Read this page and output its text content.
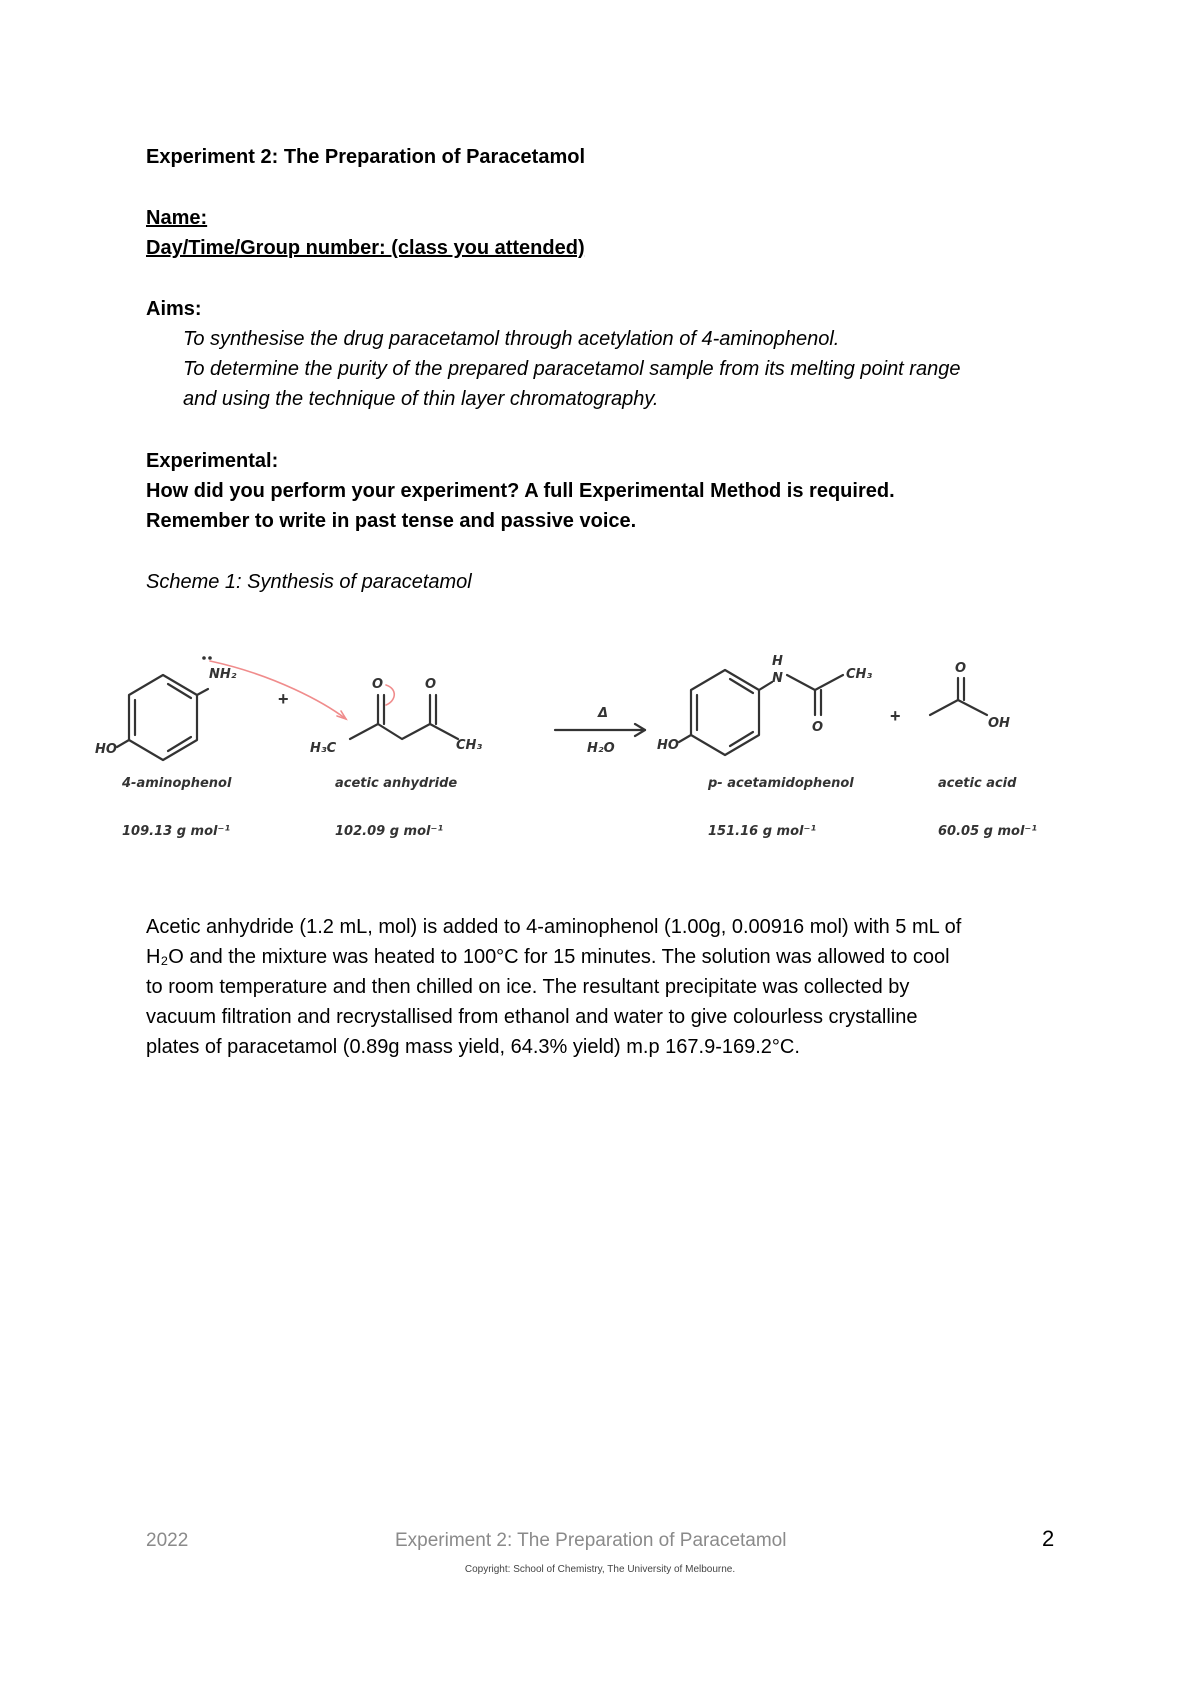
Experiment 2: The Preparation of Paracetamol
Name:
Day/Time/Group number: (class you attended)
Aims:
To synthesise the drug paracetamol through acetylation of 4-aminophenol.
To determine the purity of the prepared paracetamol sample from its melting point range
and using the technique of thin layer chromatography.
Experimental:
How did you perform your experiment? A full Experimental Method is required.
Remember to write in past tense and passive voice.
Scheme 1: Synthesis of paracetamol
NH₂
HO
O	O
H₃C	CH₃
Δ
H₂O
H
N	CH₃
O
HO
O
OH
+
+
4-aminophenol	acetic anhydride	p- acetamidophenol	acetic acid
109.13 g mol⁻¹	102.09 g mol⁻¹	151.16 g mol⁻¹	60.05 g mol⁻¹
Acetic anhydride (1.2 mL, mol) is added to 4-aminophenol (1.00g, 0.00916 mol) with 5 mL of
H₂O and the mixture was heated to 100°C for 15 minutes. The solution was allowed to cool
to room temperature and then chilled on ice. The resultant precipitate was collected by
vacuum filtration and recrystallised from ethanol and water to give colourless crystalline
plates of paracetamol (0.89g mass yield, 64.3% yield) m.p 167.9-169.2°C.
2022	Experiment 2: The Preparation of Paracetamol	2
Copyright: School of Chemistry, The University of Melbourne.
